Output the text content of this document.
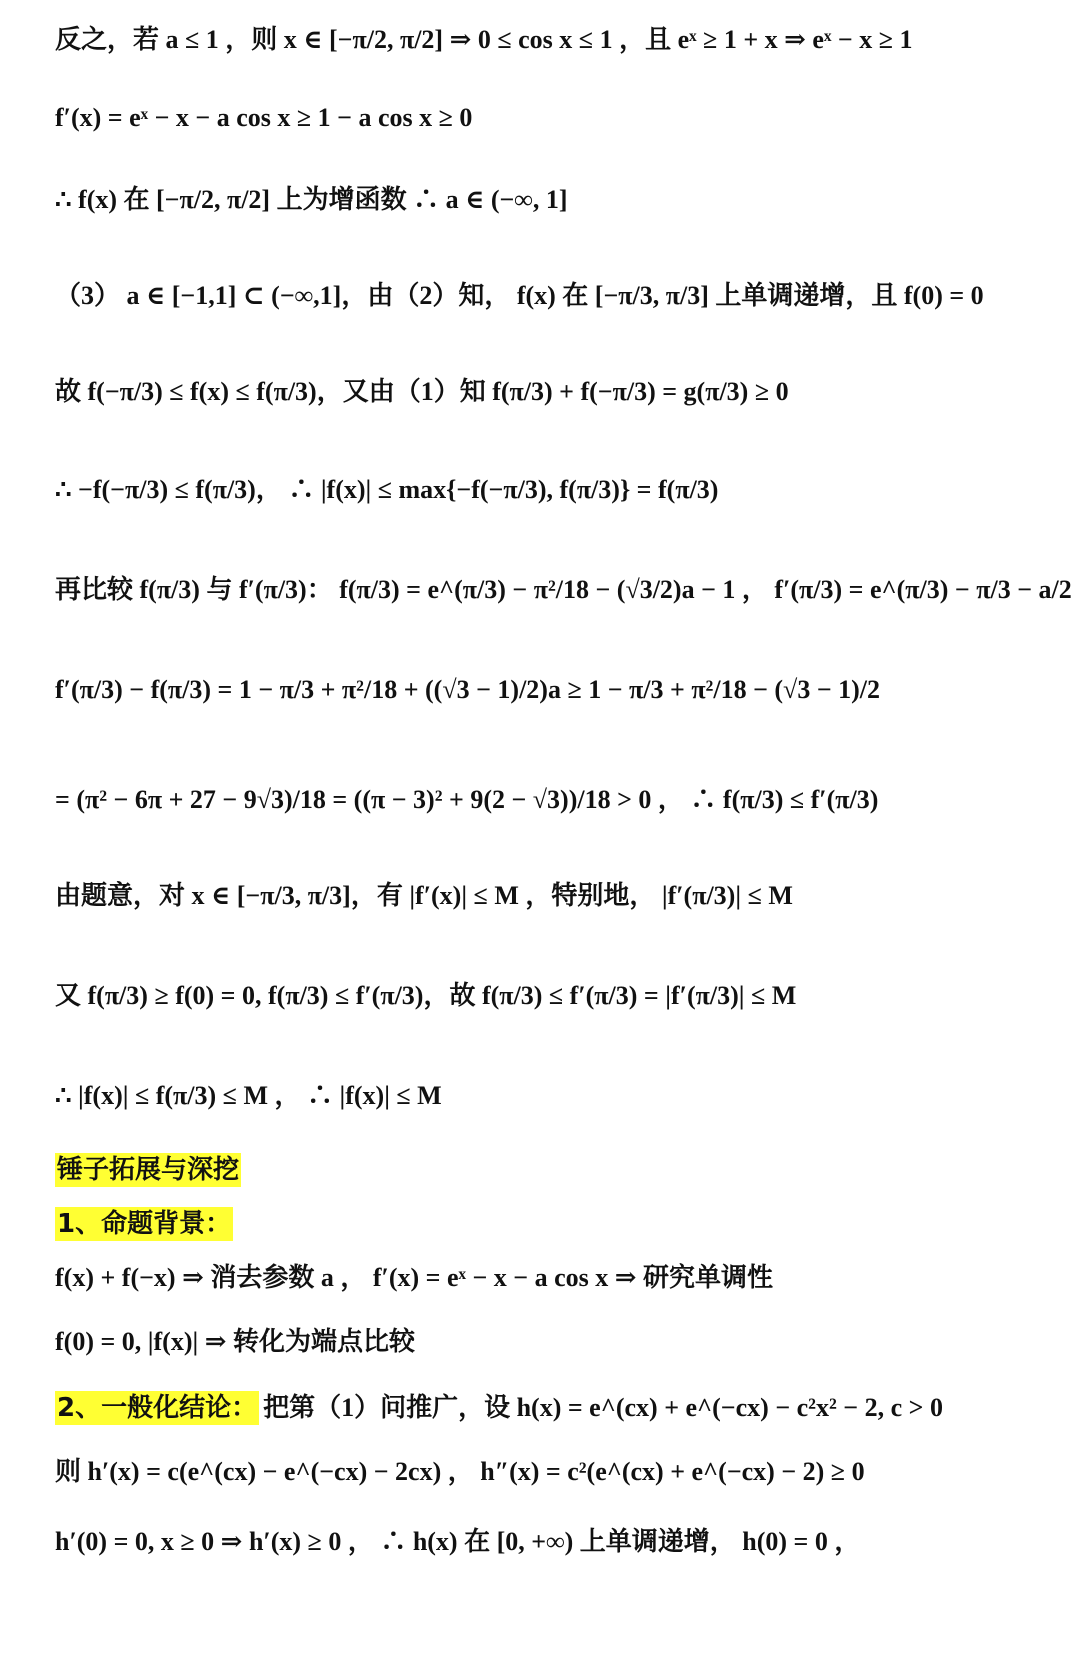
反之，若 a ≤ 1 ，则 x ∈ [−π/2, π/2] ⇒ 0 ≤ cos x ≤ 1 ，且 eˣ ≥ 1 + x ⇒ eˣ − x ≥ 1
f′(x) = eˣ − x − a cos x ≥ 1 − a cos x ≥ 0
∴ f(x) 在 [−π/2, π/2] 上为增函数 ∴ a ∈ (−∞, 1]
（3） a ∈ [−1,1] ⊂ (−∞,1]，由（2）知， f(x) 在 [−π/3, π/3] 上单调递增，且 f(0) = 0
故 f(−π/3) ≤ f(x) ≤ f(π/3)，又由（1）知 f(π/3) + f(−π/3) = g(π/3) ≥ 0
∴ −f(−π/3) ≤ f(π/3)， ∴ |f(x)| ≤ max{−f(−π/3), f(π/3)} = f(π/3)
再比较 f(π/3) 与 f′(π/3)： f(π/3) = e^(π/3) − π²/18 − (√3/2)a − 1 ， f′(π/3) = e^(π/3) − π/3 − a/2
f′(π/3) − f(π/3) = 1 − π/3 + π²/18 + ((√3 − 1)/2)a ≥ 1 − π/3 + π²/18 − (√3 − 1)/2
= (π² − 6π + 27 − 9√3)/18 = ((π − 3)² + 9(2 − √3))/18 > 0 ， ∴ f(π/3) ≤ f′(π/3)
由题意，对 x ∈ [−π/3, π/3]，有 |f′(x)| ≤ M ，特别地， |f′(π/3)| ≤ M
又 f(π/3) ≥ f(0) = 0, f(π/3) ≤ f′(π/3)，故 f(π/3) ≤ f′(π/3) = |f′(π/3)| ≤ M
∴ |f(x)| ≤ f(π/3) ≤ M ， ∴ |f(x)| ≤ M
锤子拓展与深挖
1、命题背景：
f(x) + f(−x) ⇒ 消去参数 a ， f′(x) = eˣ − x − a cos x ⇒ 研究单调性
f(0) = 0, |f(x)| ⇒ 转化为端点比较
2、一般化结论： 把第（1）问推广，设 h(x) = e^(cx) + e^(−cx) − c²x² − 2, c > 0
则 h′(x) = c(e^(cx) − e^(−cx) − 2cx) ， h″(x) = c²(e^(cx) + e^(−cx) − 2) ≥ 0
h′(0) = 0, x ≥ 0 ⇒ h′(x) ≥ 0 ， ∴ h(x) 在 [0, +∞) 上单调递增， h(0) = 0 ，
